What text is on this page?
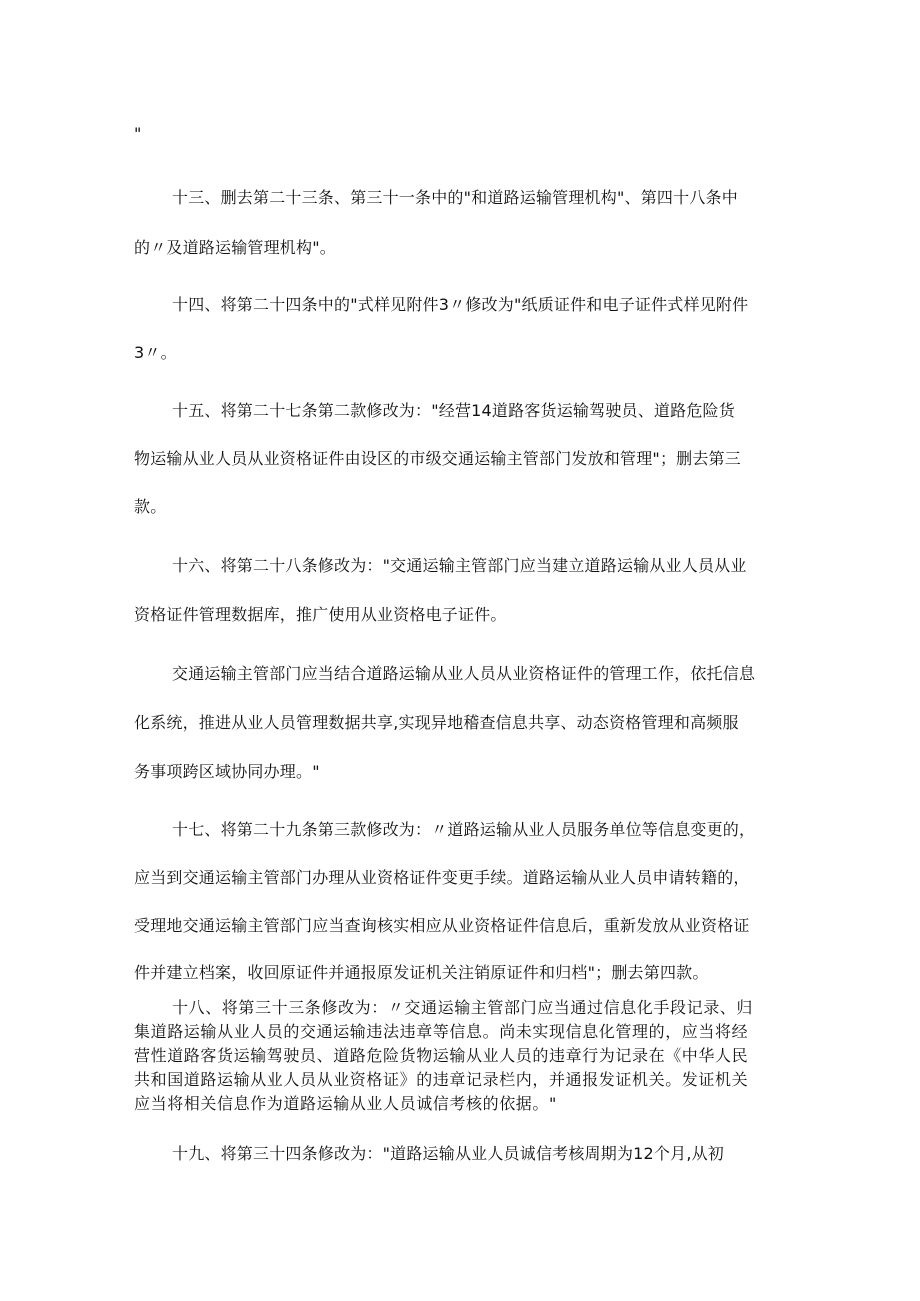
"
十三、删去第二十三条、第三十一条中的"和道路运输管理机构"、第四十八条中
的〃及道路运输管理机构"。
十四、将第二十四条中的"式样见附件3〃修改为"纸质证件和电子证件式样见附件
3〃。
十五、将第二十七条第二款修改为："经营14道路客货运输驾驶员、道路危险货
物运输从业人员从业资格证件由设区的市级交通运输主管部门发放和管理"；删去第三
款。
十六、将第二十八条修改为："交通运输主管部门应当建立道路运输从业人员从业
资格证件管理数据库，推广使用从业资格电子证件。
交通运输主管部门应当结合道路运输从业人员从业资格证件的管理工作，依托信息
化系统，推进从业人员管理数据共享,实现异地稽查信息共享、动态资格管理和高频服
务事项跨区域协同办理。"
十七、将第二十九条第三款修改为：〃道路运输从业人员服务单位等信息变更的，
应当到交通运输主管部门办理从业资格证件变更手续。道路运输从业人员申请转籍的，
受理地交通运输主管部门应当查询核实相应从业资格证件信息后，重新发放从业资格证
件并建立档案，收回原证件并通报原发证机关注销原证件和归档"；删去第四款。
十八、将第三十三条修改为：〃交通运输主管部门应当通过信息化手段记录、归
集道路运输从业人员的交通运输违法违章等信息。尚未实现信息化管理的，应当将经
营性道路客货运输驾驶员、道路危险货物运输从业人员的违章行为记录在《中华人民
共和国道路运输从业人员从业资格证》的违章记录栏内，并通报发证机关。发证机关
应当将相关信息作为道路运输从业人员诚信考核的依据。"
十九、将第三十四条修改为："道路运输从业人员诚信考核周期为12个月,从初
